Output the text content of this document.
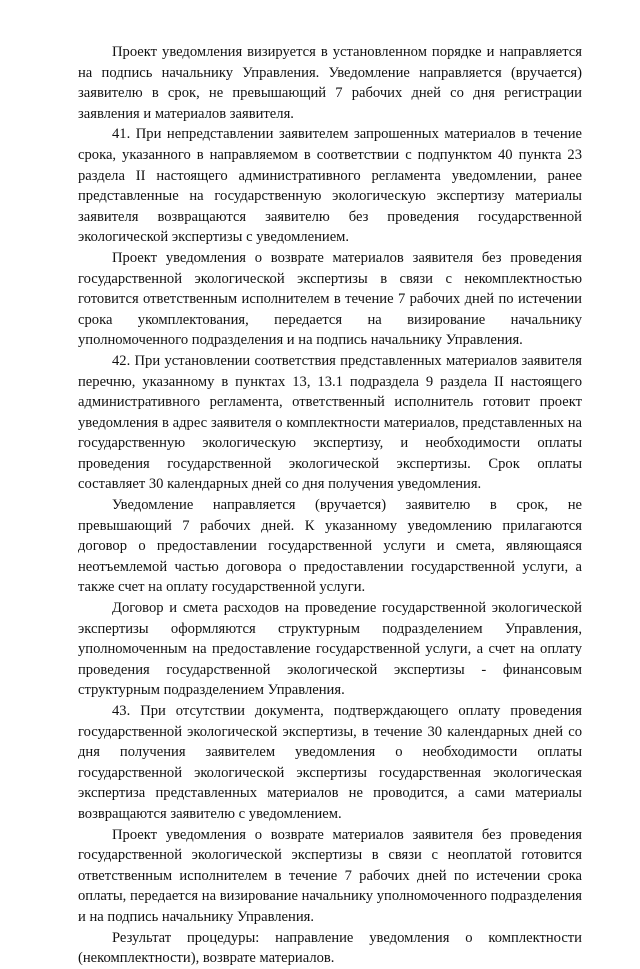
Проект уведомления визируется в установленном порядке и направляется на подпись начальнику Управления. Уведомление направляется (вручается) заявителю в срок, не превышающий 7 рабочих дней со дня регистрации заявления и материалов заявителя.

41. При непредставлении заявителем запрошенных материалов в течение срока, указанного в направляемом в соответствии с подпунктом 40 пункта 23 раздела II настоящего административного регламента уведомлении, ранее представленные на государственную экологическую экспертизу материалы заявителя возвращаются заявителю без проведения государственной экологической экспертизы с уведомлением.

Проект уведомления о возврате материалов заявителя без проведения государственной экологической экспертизы в связи с некомплектностью готовится ответственным исполнителем в течение 7 рабочих дней по истечении срока укомплектования, передается на визирование начальнику уполномоченного подразделения и на подпись начальнику Управления.

42. При установлении соответствия представленных материалов заявителя перечню, указанному в пунктах 13, 13.1 подраздела 9 раздела II настоящего административного регламента, ответственный исполнитель готовит проект уведомления в адрес заявителя о комплектности материалов, представленных на государственную экологическую экспертизу, и необходимости оплаты проведения государственной экологической экспертизы. Срок оплаты составляет 30 календарных дней со дня получения уведомления.

Уведомление направляется (вручается) заявителю в срок, не превышающий 7 рабочих дней. К указанному уведомлению прилагаются договор о предоставлении государственной услуги и смета, являющаяся неотъемлемой частью договора о предоставлении государственной услуги, а также счет на оплату государственной услуги.

Договор и смета расходов на проведение государственной экологической экспертизы оформляются структурным подразделением Управления, уполномоченным на предоставление государственной услуги, а счет на оплату проведения государственной экологической экспертизы - финансовым структурным подразделением Управления.

43. При отсутствии документа, подтверждающего оплату проведения государственной экологической экспертизы, в течение 30 календарных дней со дня получения заявителем уведомления о необходимости оплаты государственной экологической экспертизы государственная экологическая экспертиза представленных материалов не проводится, а сами материалы возвращаются заявителю с уведомлением.

Проект уведомления о возврате материалов заявителя без проведения государственной экологической экспертизы в связи с неоплатой готовится ответственным исполнителем в течение 7 рабочих дней по истечении срока оплаты, передается на визирование начальнику уполномоченного подразделения и на подпись начальнику Управления.

Результат процедуры: направление уведомления о комплектности (некомплектности), возврате материалов.
